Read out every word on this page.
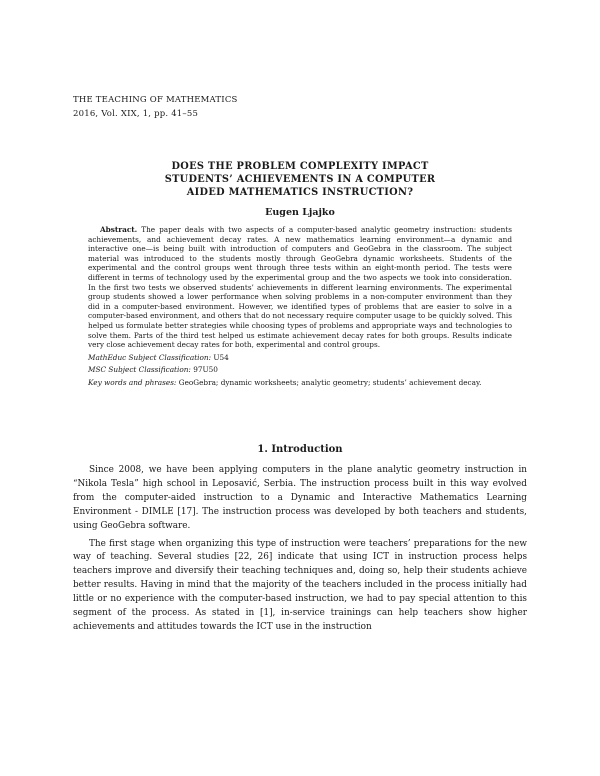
THE TEACHING OF MATHEMATICS
2016, Vol. XIX, 1, pp. 41–55
DOES THE PROBLEM COMPLEXITY IMPACT
STUDENTS’ ACHIEVEMENTS IN A COMPUTER
AIDED MATHEMATICS INSTRUCTION?
Eugen Ljajko

Abstract. The paper deals with two aspects of a computer-based analytic geometry instruction: students achievements, and achievement decay rates. A new mathematics learning environment—a dynamic and interactive one—is being built with introduction of computers and GeoGebra in the classroom. The subject material was introduced to the students mostly through GeoGebra dynamic worksheets. Students of the experimental and the control groups went through three tests within an eight-month period. The tests were different in terms of technology used by the experimental group and the two aspects we took into consideration. In the first two tests we observed students’ achievements in different learning environments. The experimental group students showed a lower performance when solving problems in a non-computer environment than they did in a computer-based environment. However, we identified types of problems that are easier to solve in a computer-based environment, and others that do not necessary require computer usage to be quickly solved. This helped us formulate better strategies while choosing types of problems and appropriate ways and technologies to solve them. Parts of the third test helped us estimate achievement decay rates for both groups. Results indicate very close achievement decay rates for both, experimental and control groups.

MathEduc Subject Classification: U54

MSC Subject Classification: 97U50

Key words and phrases: GeoGebra; dynamic worksheets; analytic geometry; students’ achievement decay.

1. Introduction

Since 2008, we have been applying computers in the plane analytic geometry instruction in “Nikola Tesla” high school in Leposavić, Serbia. The instruction process built in this way evolved from the computer-aided instruction to a Dynamic and Interactive Mathematics Learning Environment - DIMLE [17]. The instruction process was developed by both teachers and students, using GeoGebra software.

The first stage when organizing this type of instruction were teachers’ preparations for the new way of teaching. Several studies [22, 26] indicate that using ICT in instruction process helps teachers improve and diversify their teaching techniques and, doing so, help their students achieve better results. Having in mind that the majority of the teachers included in the process initially had little or no experience with the computer-based instruction, we had to pay special attention to this segment of the process. As stated in [1], in-service trainings can help teachers show higher achievements and attitudes towards the ICT use in the instruction
